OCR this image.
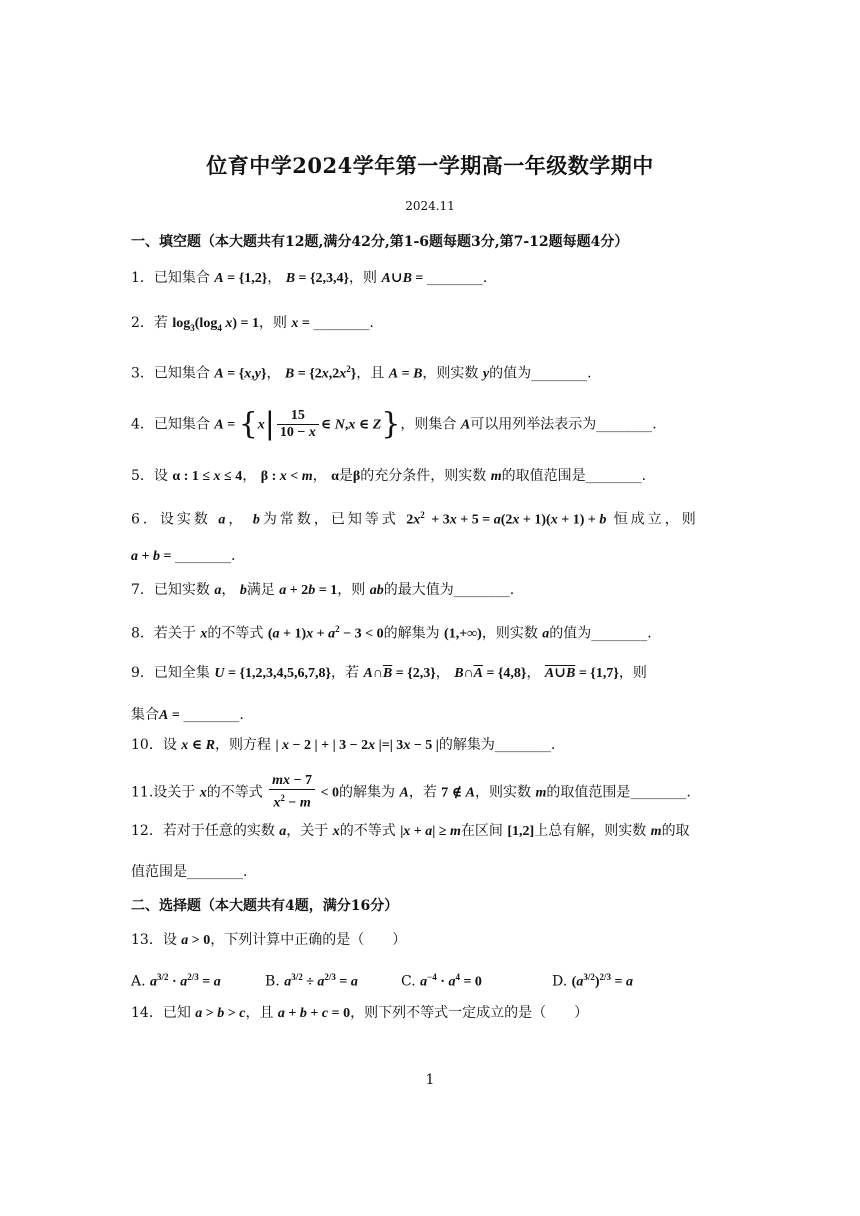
位育中学2024学年第一学期高一年级数学期中
2024.11
一、填空题（本大题共有12题,满分42分,第1-6题每题3分,第7-12题每题4分）
1．已知集合 A = {1,2}， B = {2,3,4}，则 A∪B = ________.
2．若 $\log_3(\log_4$ x) = 1，则 x = ________.
3．已知集合 A = {x,y}， $B = \{2x,2x^2\}$，且 A = B，则实数 y的值为________.
4．已知集合 $A = \{x| \frac{15}{10 - x}$ ∈ N,x ∈ Z}，则集合 A可以用列举法表示为________.
5．设 α : 1 ≤ x ≤ 4， β : x < m， α是β的充分条件，则实数 m的取值范围是________.
6．设实数 a， b为常数，已知等式 $2x^2 + 3x + 5 = a(2x + 1)(x + 1) + b$ 恒成立，则
a + b = ________.
7．已知实数 a， b满足 a + 2b = 1，则 ab的最大值为________.
8．若关于 x的不等式 $(a + 1)x + a^2 - 3 < 0$的解集为 (1,+∞)，则实数 a的值为________.
9．已知全集 U = {1,2,3,4,5,6,7,8}，若 $A\cap\overline{B} = \{2,3\}$， $B\cap\overline{A} = \{4,8\}$， A∪B = {1,7}，则
集合A = ________.
10．设 x ∈ R，则方程 | x − 2 | + | 3 − 2x |=| 3x − 5 |的解集为________.
11.设关于 x的不等式 $\frac{mx - 7}{x^2 - m} < 0$的解集为 A，若 7 ∉ A，则实数 m的取值范围是________.
12．若对于任意的实数 a，关于 x的不等式 |x + a| ≥ m在区间 [1,2]上总有解，则实数 m的取
值范围是________.
二、选择题（本大题共有4题，满分16分）
13．设 a > 0，下列计算中正确的是（　　）
A. $a^{3/2} \cdot a^{2/3} = a$	B. $a^{3/2} \div a^{2/3} = a$	C. $a^{-4} \cdot a^4 = 0$	D. $(a^{3/2})^{2/3} = a$
14．已知 a > b > c，且 a + b + c = 0，则下列不等式一定成立的是（　　）
1
